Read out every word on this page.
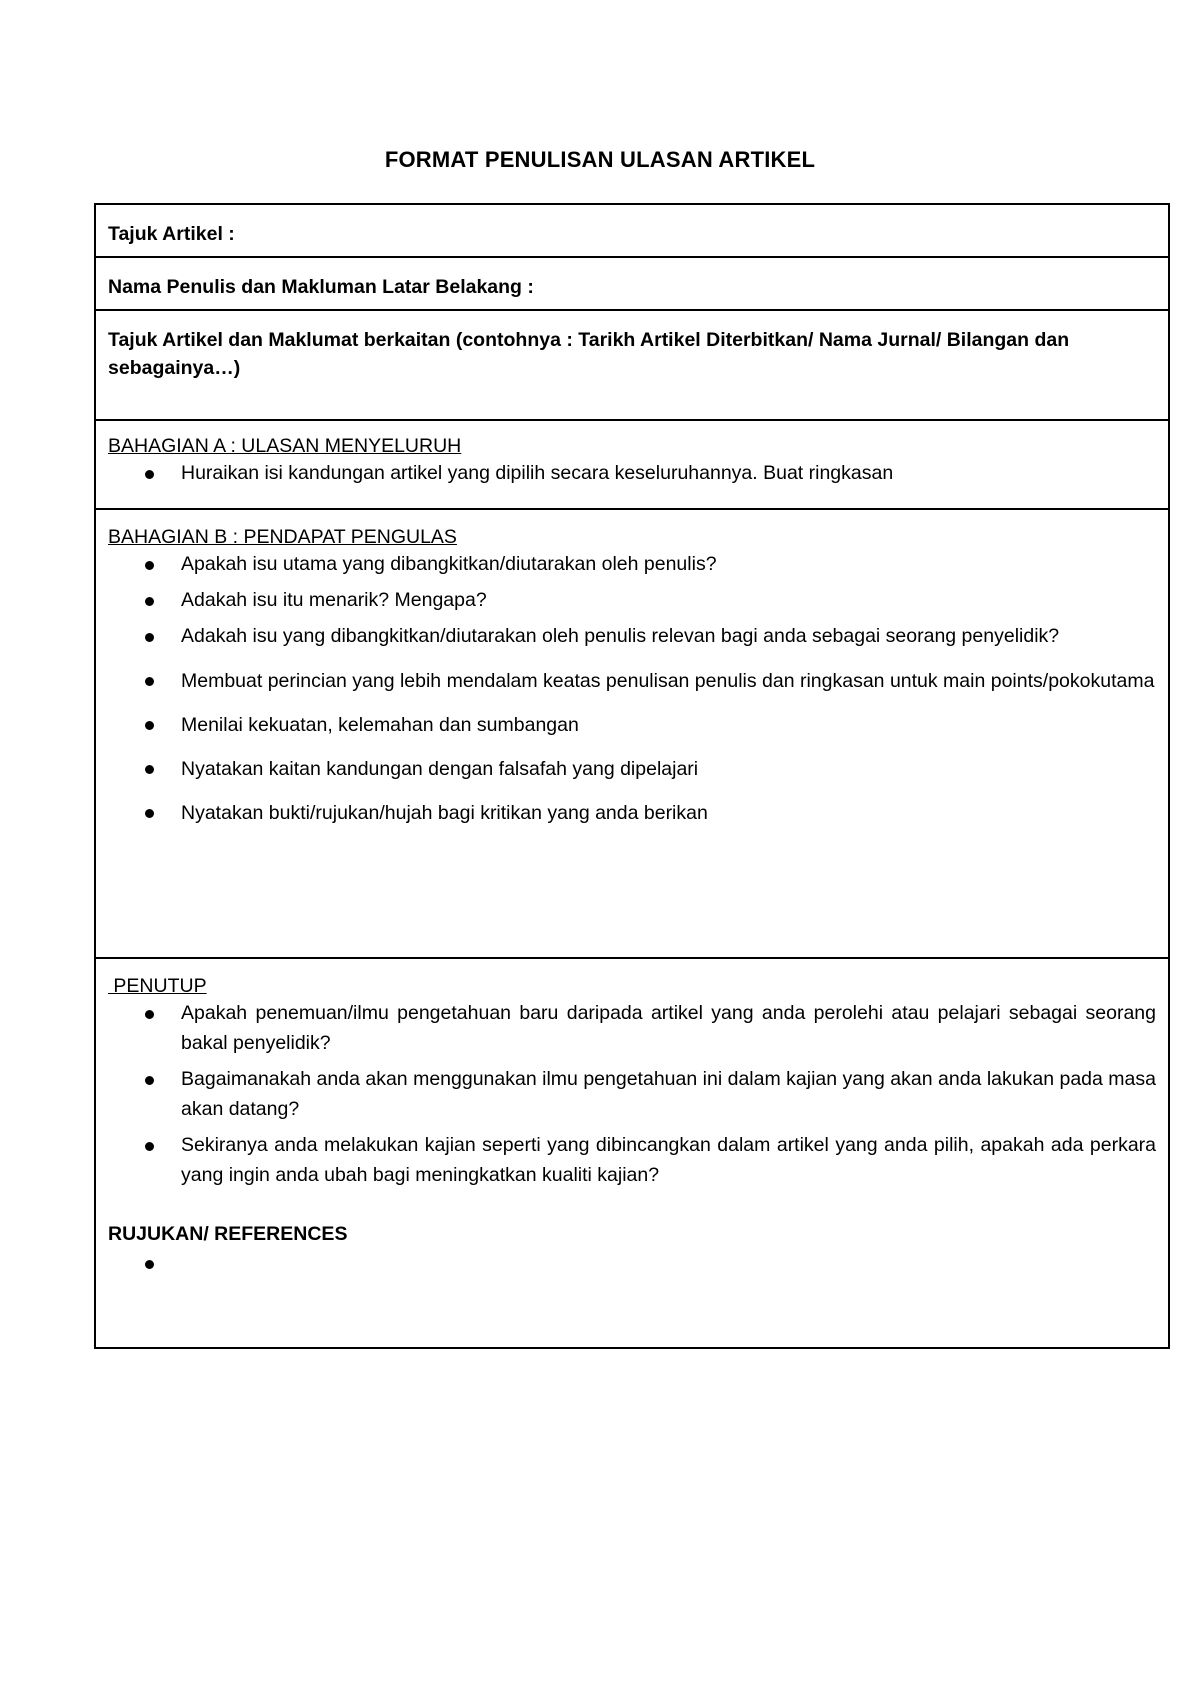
FORMAT PENULISAN ULASAN ARTIKEL
Tajuk Artikel :

Nama Penulis dan Makluman Latar Belakang :

Tajuk Artikel dan Maklumat berkaitan (contohnya : Tarikh Artikel Diterbitkan/ Nama Jurnal/ Bilangan dan sebagainya…)

BAHAGIAN A : ULASAN MENYELURUH
Huraikan isi kandungan artikel yang dipilih secara keseluruhannya. Buat ringkasan

BAHAGIAN B : PENDAPAT PENGULAS
Apakah isu utama yang dibangkitkan/diutarakan oleh penulis?
Adakah isu itu menarik? Mengapa?
Adakah isu yang dibangkitkan/diutarakan oleh penulis relevan bagi anda sebagai seorang penyelidik?
Membuat perincian yang lebih mendalam keatas penulisan penulis dan ringkasan untuk main points/pokokutama
Menilai kekuatan, kelemahan dan sumbangan
Nyatakan kaitan kandungan dengan falsafah yang dipelajari
Nyatakan bukti/rujukan/hujah bagi kritikan yang anda berikan

PENUTUP
Apakah penemuan/ilmu pengetahuan baru daripada artikel yang anda perolehi atau pelajari sebagai seorang bakal penyelidik?
Bagaimanakah anda akan menggunakan ilmu pengetahuan ini dalam kajian yang akan anda lakukan pada masa akan datang?
Sekiranya anda melakukan kajian seperti yang dibincangkan dalam artikel yang anda pilih, apakah ada perkara yang ingin anda ubah bagi meningkatkan kualiti kajian?
RUJUKAN/ REFERENCES
